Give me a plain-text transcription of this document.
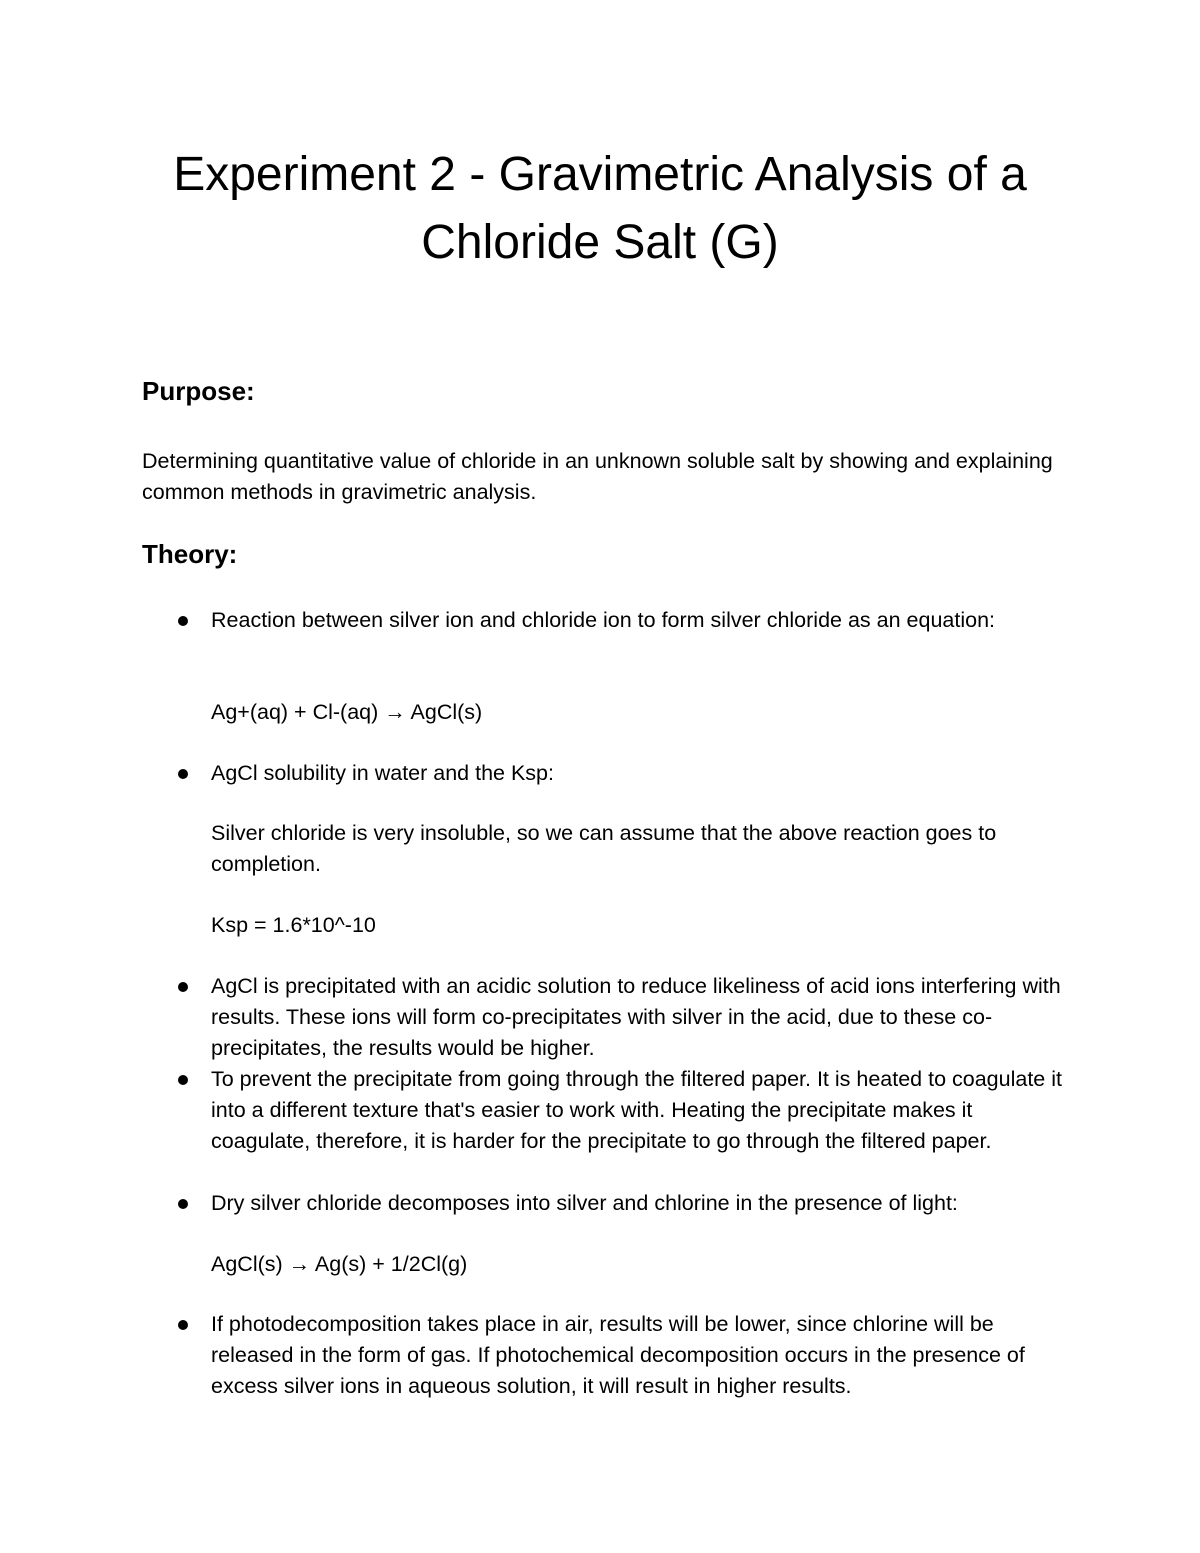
Experiment 2 - Gravimetric Analysis of a
Chloride Salt (G)
Purpose:

Determining quantitative value of chloride in an unknown soluble salt by showing and explaining common methods in gravimetric analysis.

Theory:

Reaction between silver ion and chloride ion to form silver chloride as an equation:

Ag+(aq) + Cl-(aq) → AgCl(s)

AgCl solubility in water and the Ksp:

Silver chloride is very insoluble, so we can assume that the above reaction goes to completion.

Ksp = 1.6*10^-10

AgCl is precipitated with an acidic solution to reduce likeliness of acid ions interfering with results. These ions will form co-precipitates with silver in the acid, due to these co-precipitates, the results would be higher.

To prevent the precipitate from going through the filtered paper. It is heated to coagulate it into a different texture that's easier to work with. Heating the precipitate makes it coagulate, therefore, it is harder for the precipitate to go through the filtered paper.

Dry silver chloride decomposes into silver and chlorine in the presence of light:

AgCl(s) → Ag(s) + 1/2Cl(g)

If photodecomposition takes place in air, results will be lower, since chlorine will be released in the form of gas. If photochemical decomposition occurs in the presence of excess silver ions in aqueous solution, it will result in higher results.
